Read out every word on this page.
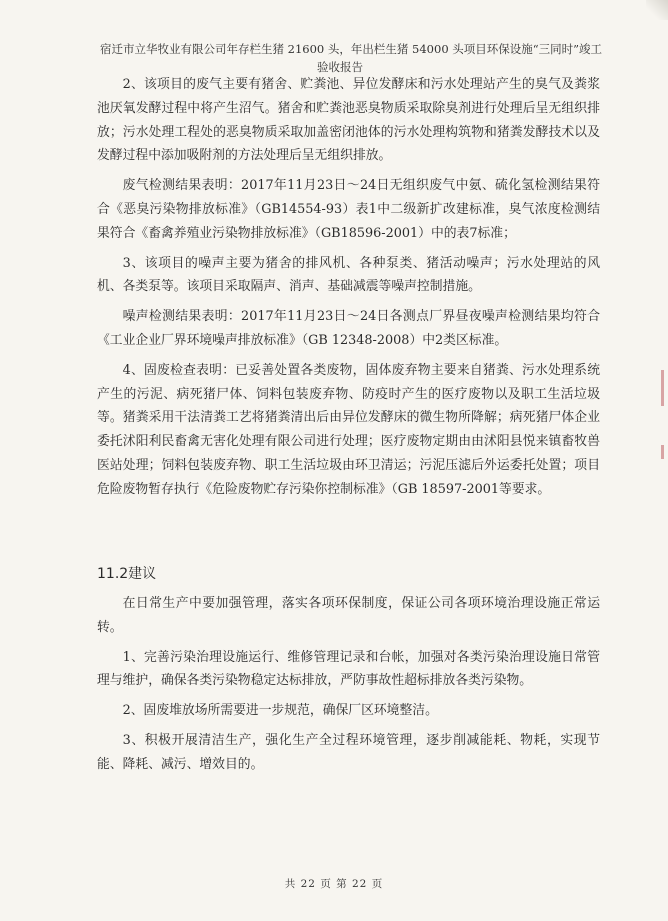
宿迁市立华牧业有限公司年存栏生猪 21600 头，年出栏生猪 54000 头项目环保设施“三同时”竣工
验收报告

2、该项目的废气主要有猪舍、贮粪池、异位发酵床和污水处理站产生的臭气及粪浆池厌氧发酵过程中将产生沼气。猪舍和贮粪池恶臭物质采取除臭剂进行处理后呈无组织排放；污水处理工程处的恶臭物质采取加盖密闭池体的污水处理构筑物和猪粪发酵技术以及发酵过程中添加吸附剂的方法处理后呈无组织排放。

废气检测结果表明：2017年11月23日～24日无组织废气中氨、硫化氢检测结果符合《恶臭污染物排放标准》（GB14554-93）表1中二级新扩改建标准，臭气浓度检测结果符合《畜禽养殖业污染物排放标准》（GB18596-2001）中的表7标准；

3、该项目的噪声主要为猪舍的排风机、各种泵类、猪活动噪声；污水处理站的风机、各类泵等。该项目采取隔声、消声、基础减震等噪声控制措施。

噪声检测结果表明：2017年11月23日～24日各测点厂界昼夜噪声检测结果均符合《工业企业厂界环境噪声排放标准》（GB 12348-2008）中2类区标准。

4、固废检查表明：已妥善处置各类废物，固体废弃物主要来自猪粪、污水处理系统产生的污泥、病死猪尸体、饲料包装废弃物、防疫时产生的医疗废物以及职工生活垃圾等。猪粪采用干法清粪工艺将猪粪清出后由异位发酵床的微生物所降解；病死猪尸体企业委托沭阳利民畜禽无害化处理有限公司进行处理；医疗废物定期由由沭阳县悦来镇畜牧兽医站处理；饲料包装废弃物、职工生活垃圾由环卫清运；污泥压滤后外运委托处置；项目危险废物暂存执行《危险废物贮存污染你控制标准》（GB 18597-2001等要求。

11.2建议

在日常生产中要加强管理，落实各项环保制度，保证公司各项环境治理设施正常运转。

1、完善污染治理设施运行、维修管理记录和台帐，加强对各类污染治理设施日常管理与维护，确保各类污染物稳定达标排放，严防事故性超标排放各类污染物。

2、固废堆放场所需要进一步规范，确保厂区环境整洁。

3、积极开展清洁生产，强化生产全过程环境管理，逐步削减能耗、物耗，实现节能、降耗、减污、增效目的。

共 22 页 第 22 页
